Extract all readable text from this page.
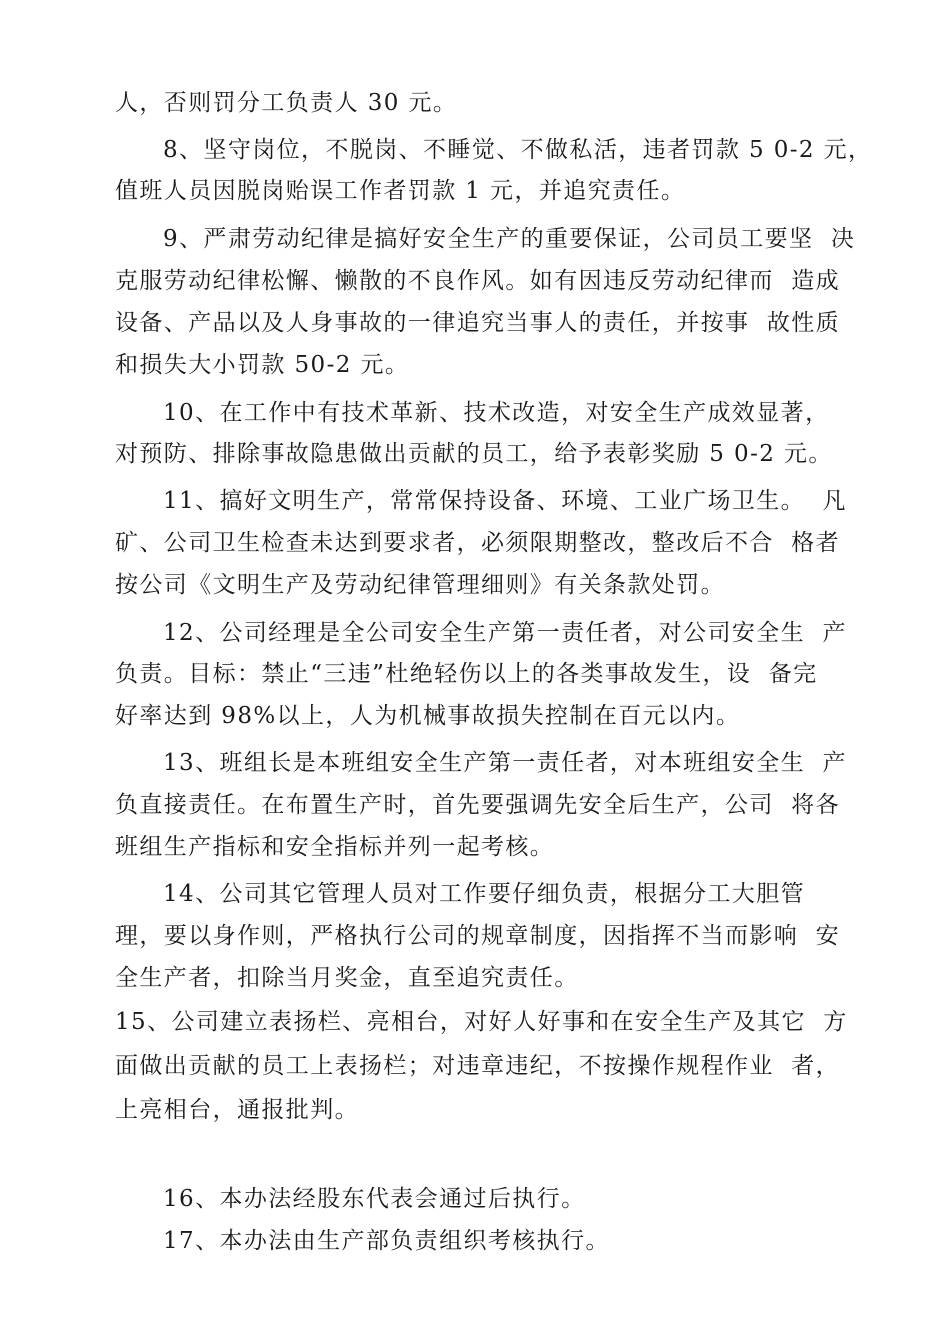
人，否则罚分工负责人 30 元。
8、坚守岗位，不脱岗、不睡觉、不做私活，违者罚款 5 0-2 元，
值班人员因脱岗贻误工作者罚款 1 元，并追究责任。
9、严肃劳动纪律是搞好安全生产的重要保证，公司员工要坚  决
克服劳动纪律松懈、懒散的不良作风。如有因违反劳动纪律而  造成
设备、产品以及人身事故的一律追究当事人的责任，并按事  故性质
和损失大小罚款 50-2 元。
10、在工作中有技术革新、技术改造，对安全生产成效显著，
对预防、排除事故隐患做出贡献的员工，给予表彰奖励 5 0-2 元。
11、搞好文明生产，常常保持设备、环境、工业广场卫生。  凡
矿、公司卫生检查未达到要求者，必须限期整改，整改后不合  格者
按公司《文明生产及劳动纪律管理细则》有关条款处罚。
12、公司经理是全公司安全生产第一责任者，对公司安全生  产
负责。目标：禁止“三违”杜绝轻伤以上的各类事故发生，设  备完
好率达到 98%以上，人为机械事故损失控制在百元以内。
13、班组长是本班组安全生产第一责任者，对本班组安全生  产
负直接责任。在布置生产时，首先要强调先安全后生产，公司  将各
班组生产指标和安全指标并列一起考核。
14、公司其它管理人员对工作要仔细负责，根据分工大胆管
理，要以身作则，严格执行公司的规章制度，因指挥不当而影响  安
全生产者，扣除当月奖金，直至追究责任。
15、公司建立表扬栏、亮相台，对好人好事和在安全生产及其它  方
面做出贡献的员工上表扬栏；对违章违纪，不按操作规程作业  者，
上亮相台，通报批判。
16、本办法经股东代表会通过后执行。
17、本办法由生产部负责组织考核执行。
